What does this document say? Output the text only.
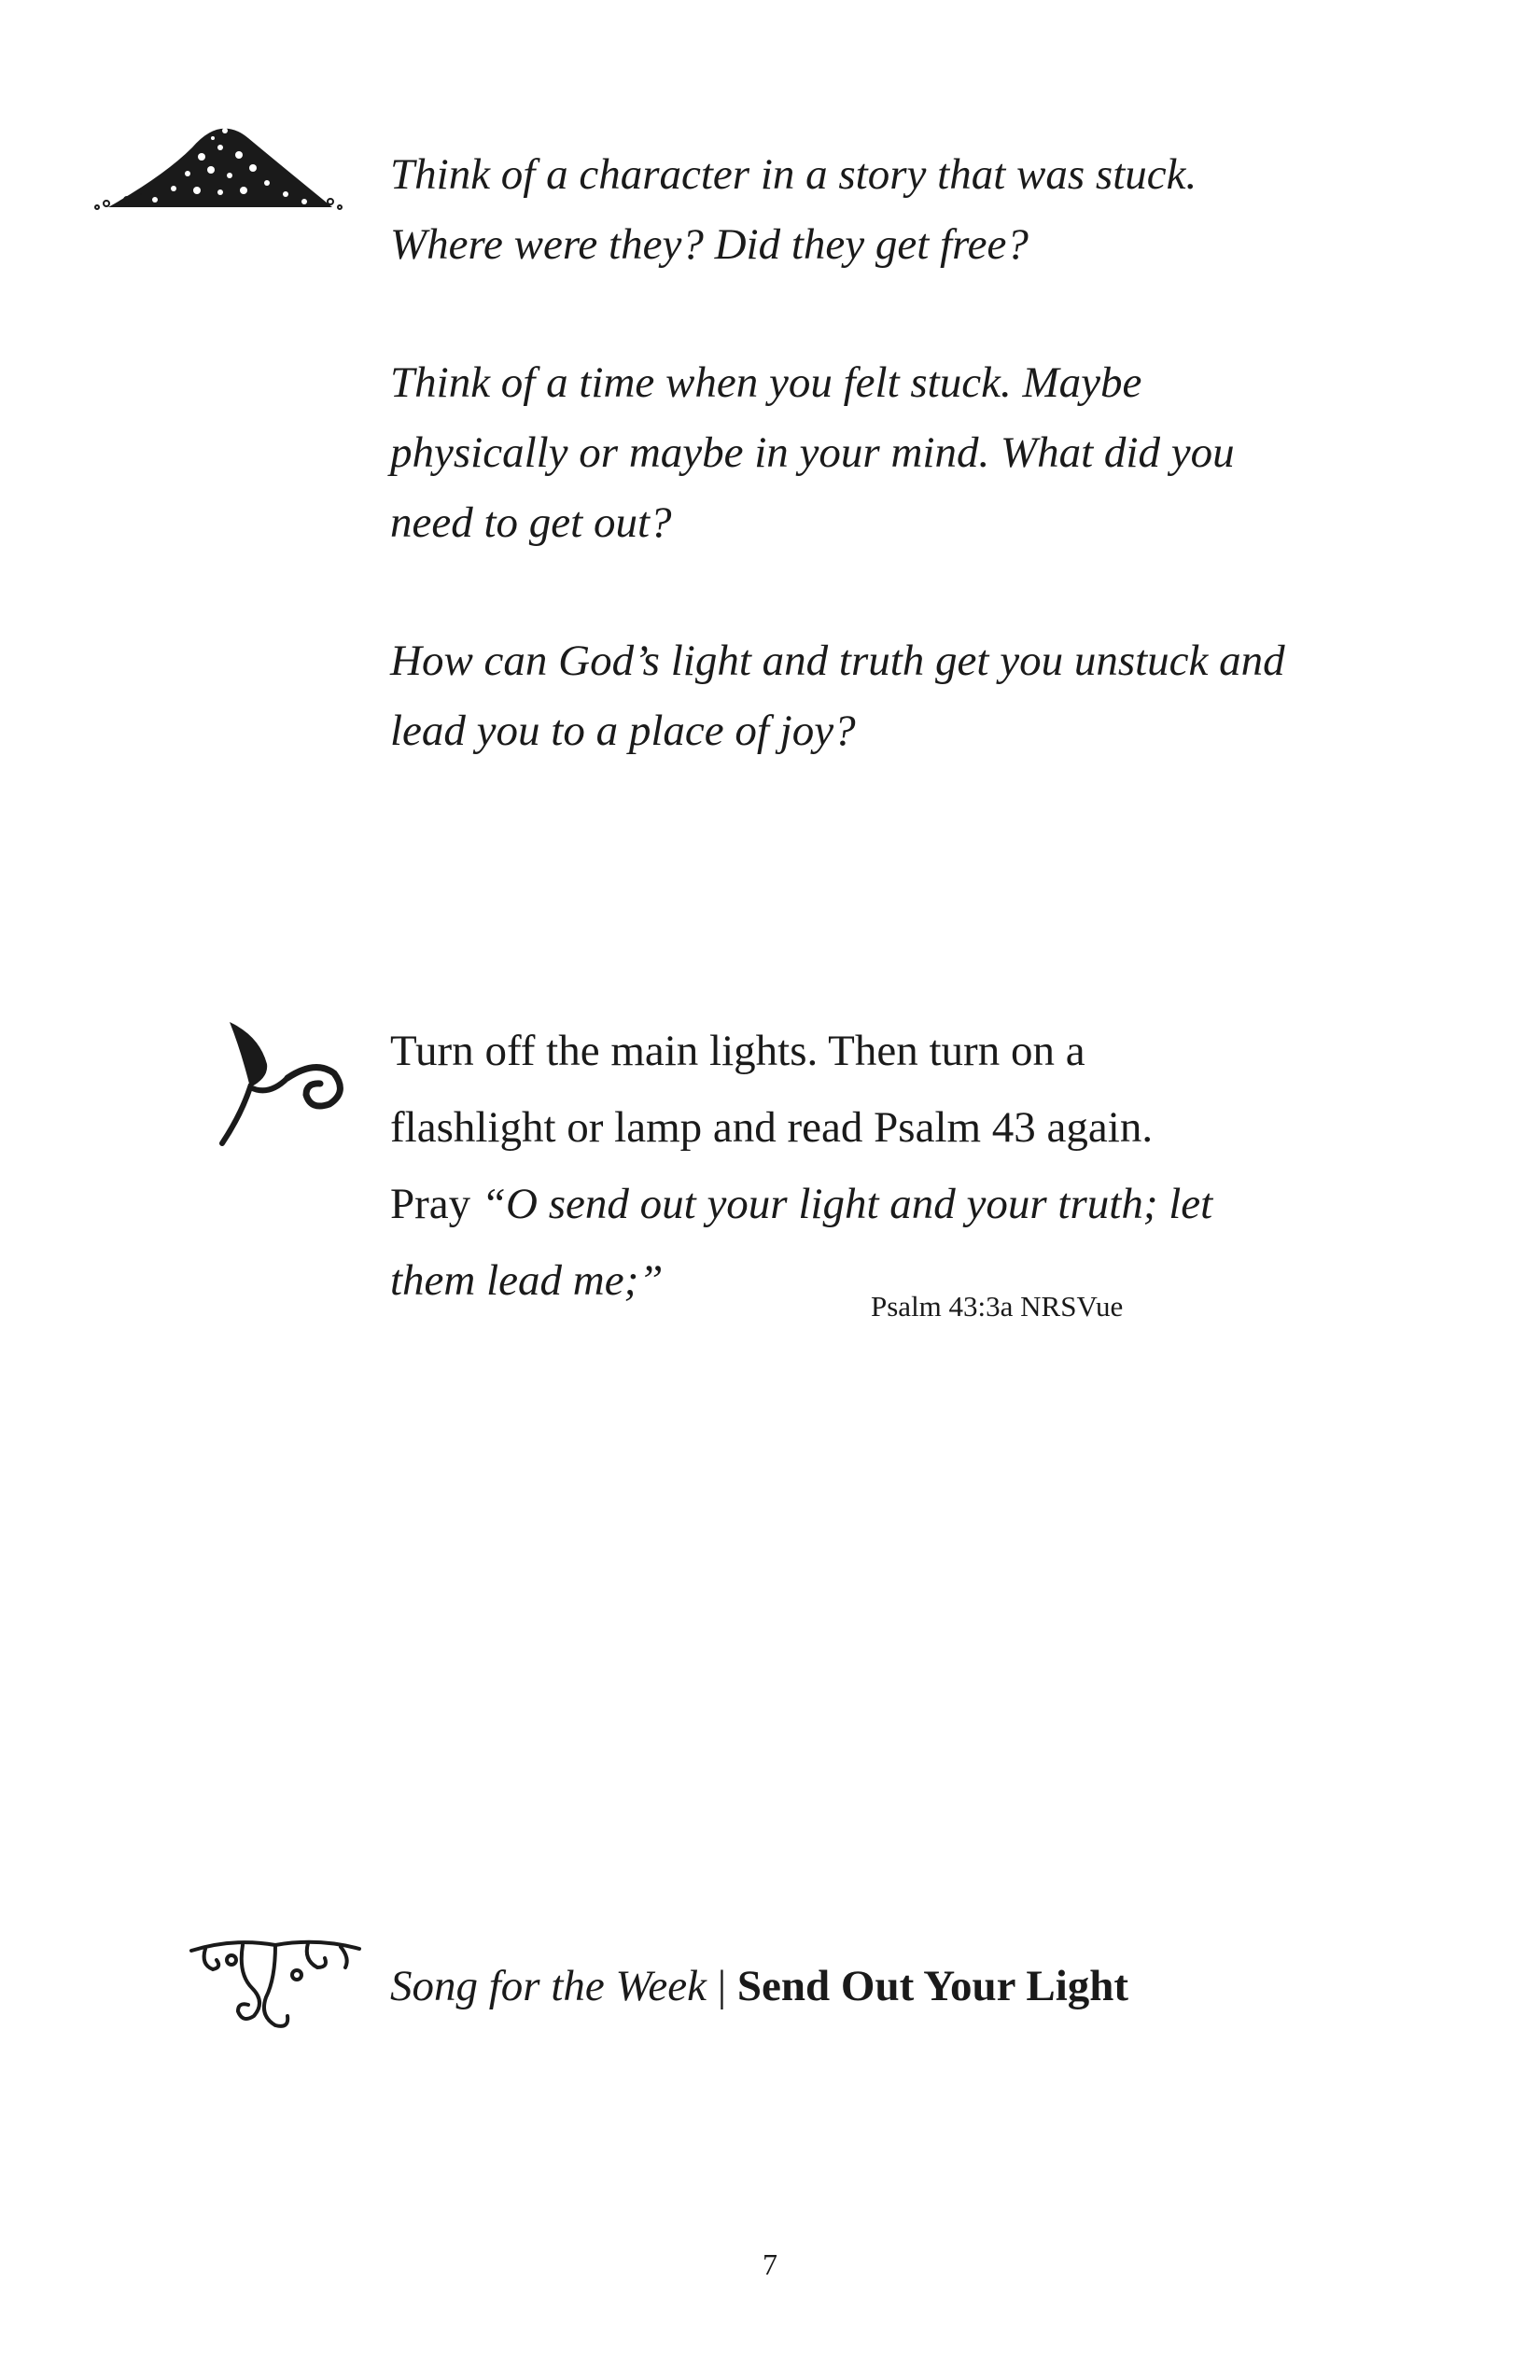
Think of a character in a story that was stuck.
Where were they? Did they get free?

Think of a time when you felt stuck. Maybe
physically or maybe in your mind. What did you
need to get out?

How can God’s light and truth get you unstuck and
lead you to a place of joy?

Turn off the main lights. Then turn on a
flashlight or lamp and read Psalm 43 again.
Pray “O send out your light and your truth; let
them lead me;”
Psalm 43:3a NRSVue
Song for the Week | Send Out Your Light
7
